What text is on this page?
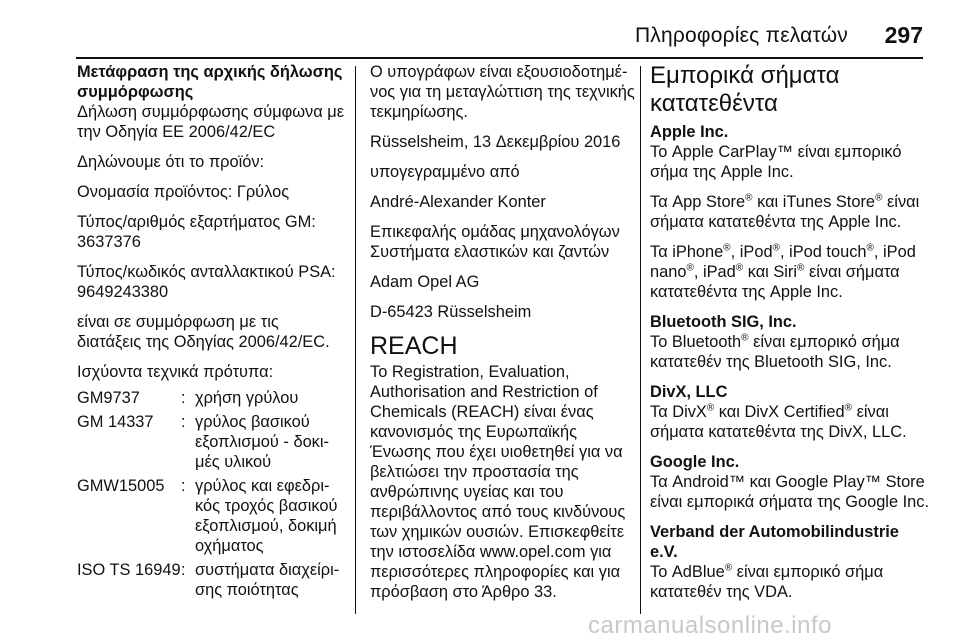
Πληροφορίες πελατών 297
Μετάφραση της αρχικής δήλωσης συμμόρφωσης
Δήλωση συμμόρφωσης σύμφωνα με την Οδηγία ΕΕ 2006/42/EC
Δηλώνουμε ότι το προϊόν:
Ονομασία προϊόντος: Γρύλος
Τύπος/αριθμός εξαρτήματος GM: 3637376
Τύπος/κωδικός ανταλλακτικού PSA: 9649243380
είναι σε συμμόρφωση με τις διατάξεις της Οδηγίας 2006/42/EC.
Ισχύοντα τεχνικά πρότυπα:
GM9737	:	χρήση γρύλου
GM 14337	:	γρύλος βασικού εξοπλισμού - δοκιμές υλικού
GMW15005	:	γρύλος και εφεδρικός τροχός βασικού εξοπλισμού, δοκιμή οχήματος
ISO TS 16949	:	συστήματα διαχείρισης ποιότητας
Ο υπογράφων είναι εξουσιοδοτημένος για τη μεταγλώττιση της τεχνικής τεκμηρίωσης.
Rüsselsheim, 13 Δεκεμβρίου 2016
υπογεγραμμένο από
André-Alexander Konter
Επικεφαλής ομάδας μηχανολόγων Συστήματα ελαστικών και ζαντών
Adam Opel AG
D-65423 Rüsselsheim
REACH
Το Registration, Evaluation, Authorisation and Restriction of Chemicals (REACH) είναι ένας κανονισμός της Ευρωπαϊκής Ένωσης που έχει υιοθετηθεί για να βελτιώσει την προστασία της ανθρώπινης υγείας και του περιβάλλοντος από τους κινδύνους των χημικών ουσιών. Επισκεφθείτε την ιστοσελίδα www.opel.com για περισσότερες πληροφορίες και για πρόσβαση στο Άρθρο 33.
Εμπορικά σήματα κατατεθέντα
Apple Inc.
Το Apple CarPlay™ είναι εμπορικό σήμα της Apple Inc.
Τα App Store® και iTunes Store® είναι σήματα κατατεθέντα της Apple Inc.
Τα iPhone®, iPod®, iPod touch®, iPod nano®, iPad® και Siri® είναι σήματα κατατεθέντα της Apple Inc.
Bluetooth SIG, Inc.
Το Bluetooth® είναι εμπορικό σήμα κατατεθέν της Bluetooth SIG, Inc.
DivX, LLC
Τα DivX® και DivX Certified® είναι σήματα κατατεθέντα της DivX, LLC.
Google Inc.
Τα Android™ και Google Play™ Store είναι εμπορικά σήματα της Google Inc.
Verband der Automobilindustrie e.V.
Το AdBlue® είναι εμπορικό σήμα κατατεθέν της VDA.
carmanualsonline.info
